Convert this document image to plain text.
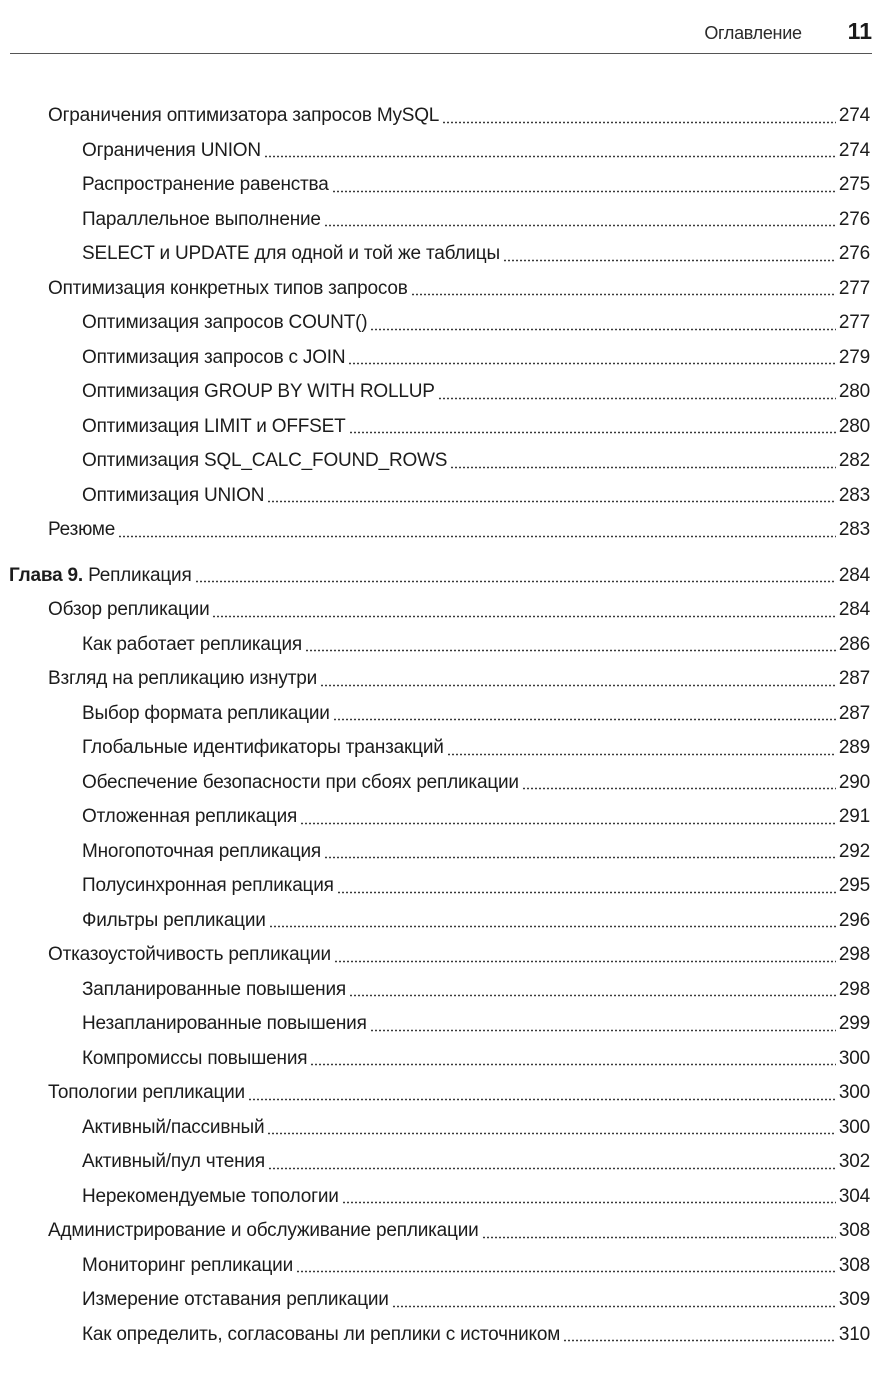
Оглавление 11
Ограничения оптимизатора запросов MySQL	274
Ограничения UNION	274
Распространение равенства	275
Параллельное выполнение	276
SELECT и UPDATE для одной и той же таблицы	276
Оптимизация конкретных типов запросов	277
Оптимизация запросов COUNT()	277
Оптимизация запросов с JOIN	279
Оптимизация GROUP BY WITH ROLLUP	280
Оптимизация LIMIT и OFFSET	280
Оптимизация SQL_CALC_FOUND_ROWS	282
Оптимизация UNION	283
Резюме	283
Глава 9. Репликация	284
Обзор репликации	284
Как работает репликация	286
Взгляд на репликацию изнутри	287
Выбор формата репликации	287
Глобальные идентификаторы транзакций	289
Обеспечение безопасности при сбоях репликации	290
Отложенная репликация	291
Многопоточная репликация	292
Полусинхронная репликация	295
Фильтры репликации	296
Отказоустойчивость репликации	298
Запланированные повышения	298
Незапланированные повышения	299
Компромиссы повышения	300
Топологии репликации	300
Активный/пассивный	300
Активный/пул чтения	302
Нерекомендуемые топологии	304
Администрирование и обслуживание репликации	308
Мониторинг репликации	308
Измерение отставания репликации	309
Как определить, согласованы ли реплики с источником	310
